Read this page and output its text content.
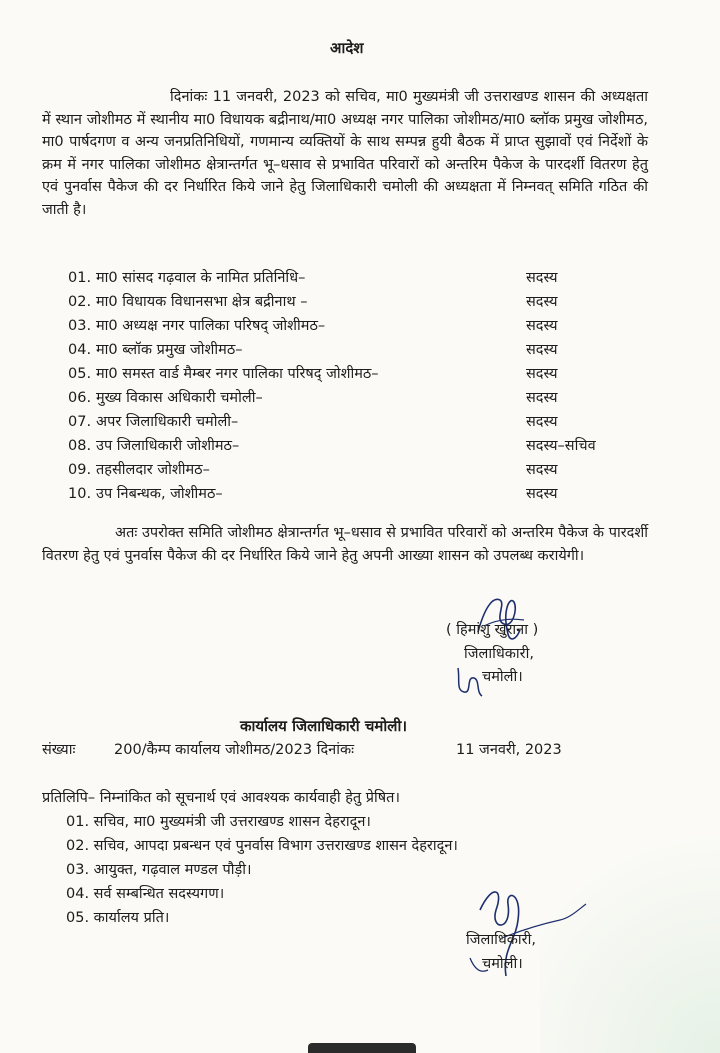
आदेश
दिनांकः 11 जनवरी, 2023 को सचिव, मा0 मुख्यमंत्री जी उत्तराखण्ड शासन की अध्यक्षता में स्थान जोशीमठ में स्थानीय मा0 विधायक बद्रीनाथ/मा0 अध्यक्ष नगर पालिका जोशीमठ/मा0 ब्लॉक प्रमुख जोशीमठ, मा0 पार्षदगण व अन्य जनप्रतिनिधियों, गणमान्य व्यक्तियों के साथ सम्पन्न हुयी बैठक में प्राप्त सुझावों एवं निर्देशों के क्रम में नगर पालिका जोशीमठ क्षेत्रान्तर्गत भू–धसाव से प्रभावित परिवारों को अन्तरिम पैकेज के पारदर्शी वितरण हेतु एवं पुनर्वास पैकेज की दर निर्धारित किये जाने हेतु जिलाधिकारी चमोली की अध्यक्षता में निम्नवत् समिति गठित की जाती है।
01. मा0 सांसद गढ़वाल के नामित प्रतिनिधि–	सदस्य
02. मा0 विधायक विधानसभा क्षेत्र बद्रीनाथ –	सदस्य
03. मा0 अध्यक्ष नगर पालिका परिषद् जोशीमठ–	सदस्य
04. मा0 ब्लॉक प्रमुख जोशीमठ–	सदस्य
05. मा0 समस्त वार्ड मैम्बर नगर पालिका परिषद् जोशीमठ–	सदस्य
06. मुख्य विकास अधिकारी चमोली–	सदस्य
07. अपर जिलाधिकारी चमोली–	सदस्य
08. उप जिलाधिकारी जोशीमठ–	सदस्य–सचिव
09. तहसीलदार जोशीमठ–	सदस्य
10. उप निबन्धक, जोशीमठ–	सदस्य
अतः उपरोक्त समिति जोशीमठ क्षेत्रान्तर्गत भू–धसाव से प्रभावित परिवारों को अन्तरिम पैकेज के पारदर्शी वितरण हेतु एवं पुनर्वास पैकेज की दर निर्धारित किये जाने हेतु अपनी आख्या शासन को उपलब्ध करायेगी।
( हिमांशु खुराना )
जिलाधिकारी,
चमोली।
कार्यालय जिलाधिकारी चमोली।
संख्याः	200/कैम्प कार्यालय जोशीमठ/2023 दिनांकः	11 जनवरी, 2023
प्रतिलिपि– निम्नांकित को सूचनार्थ एवं आवश्यक कार्यवाही हेतु प्रेषित।
01. सचिव, मा0 मुख्यमंत्री जी उत्तराखण्ड शासन देहरादून।
02. सचिव, आपदा प्रबन्धन एवं पुनर्वास विभाग उत्तराखण्ड शासन देहरादून।
03. आयुक्त, गढ़वाल मण्डल पौड़ी।
04. सर्व सम्बन्धित सदस्यगण।
05. कार्यालय प्रति।
जिलाधिकारी,
चमोली।
